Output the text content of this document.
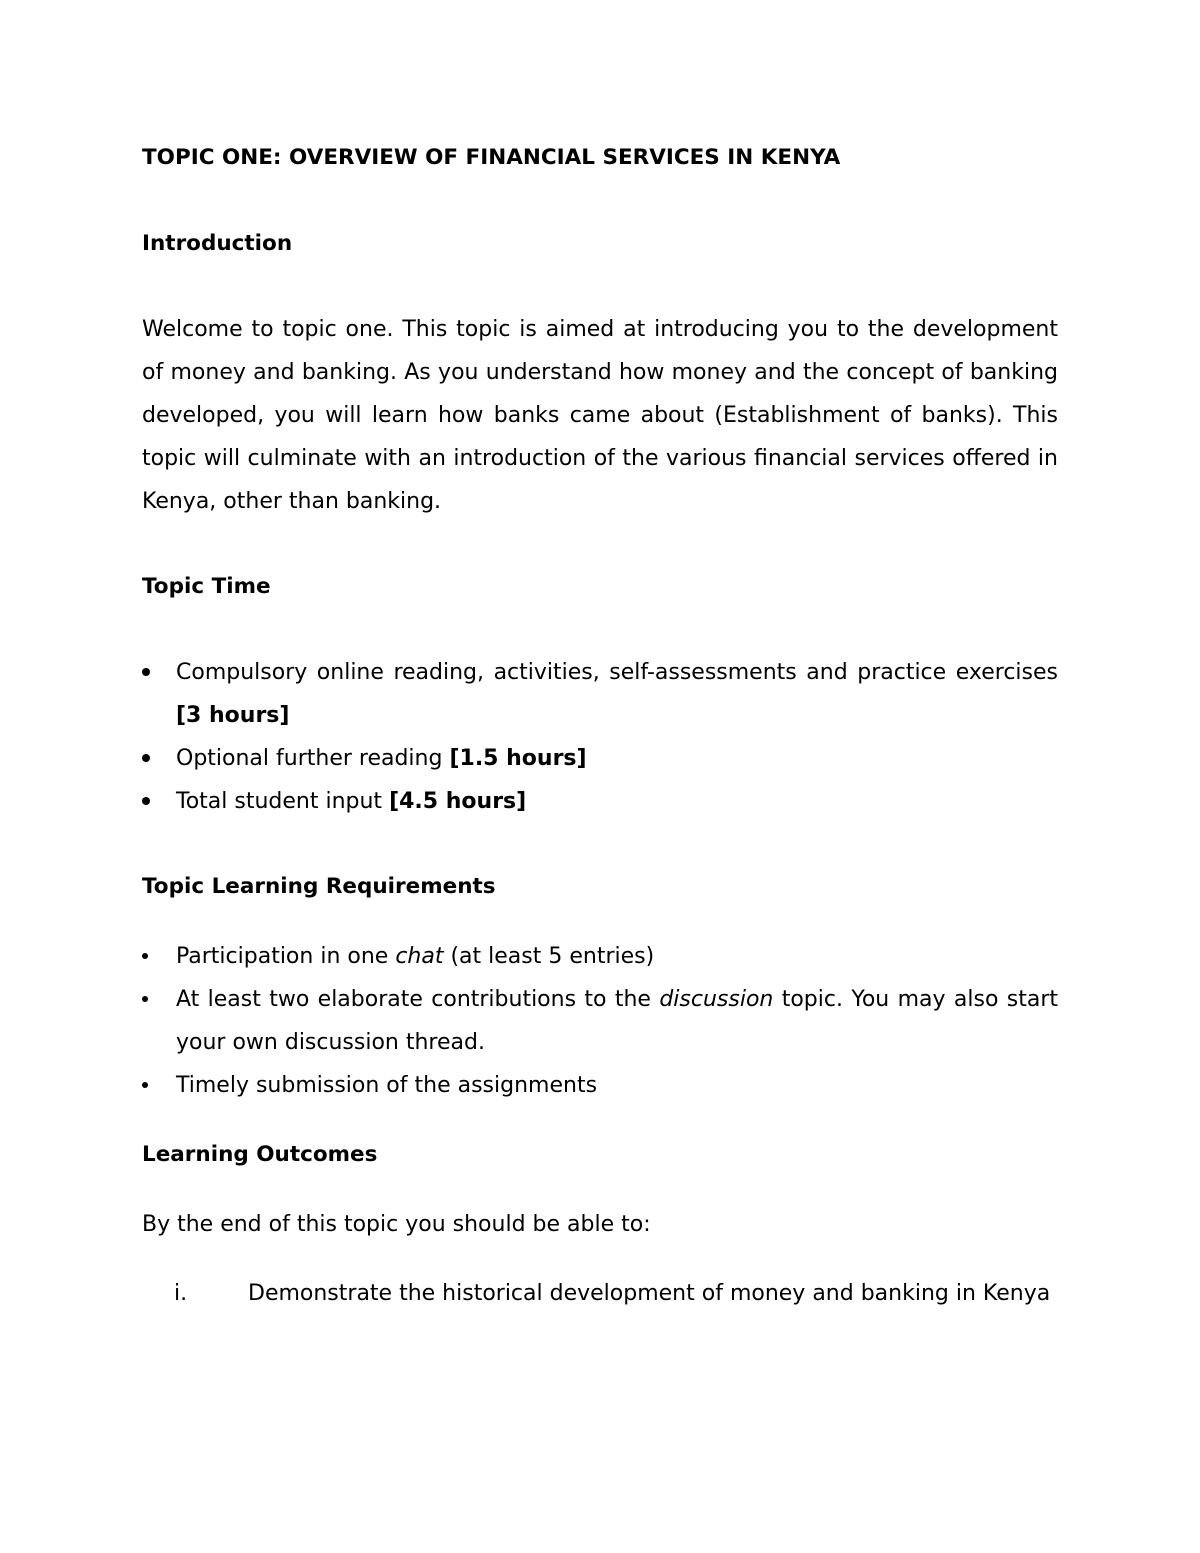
TOPIC ONE: OVERVIEW OF FINANCIAL SERVICES IN KENYA

Introduction

Welcome to topic one. This topic is aimed at introducing you to the development of money and banking. As you understand how money and the concept of banking developed, you will learn how banks came about (Establishment of banks). This topic will culminate with an introduction of the various financial services offered in Kenya, other than banking.

Topic Time

Compulsory online reading, activities, self-assessments and practice exercises [3 hours]
Optional further reading [1.5 hours]
Total student input [4.5 hours]

Topic Learning Requirements

Participation in one chat (at least 5 entries)
At least two elaborate contributions to the discussion topic. You may also start your own discussion thread.
Timely submission of the assignments

Learning Outcomes

By the end of this topic you should be able to:

i.	Demonstrate the historical development of money and banking in Kenya
